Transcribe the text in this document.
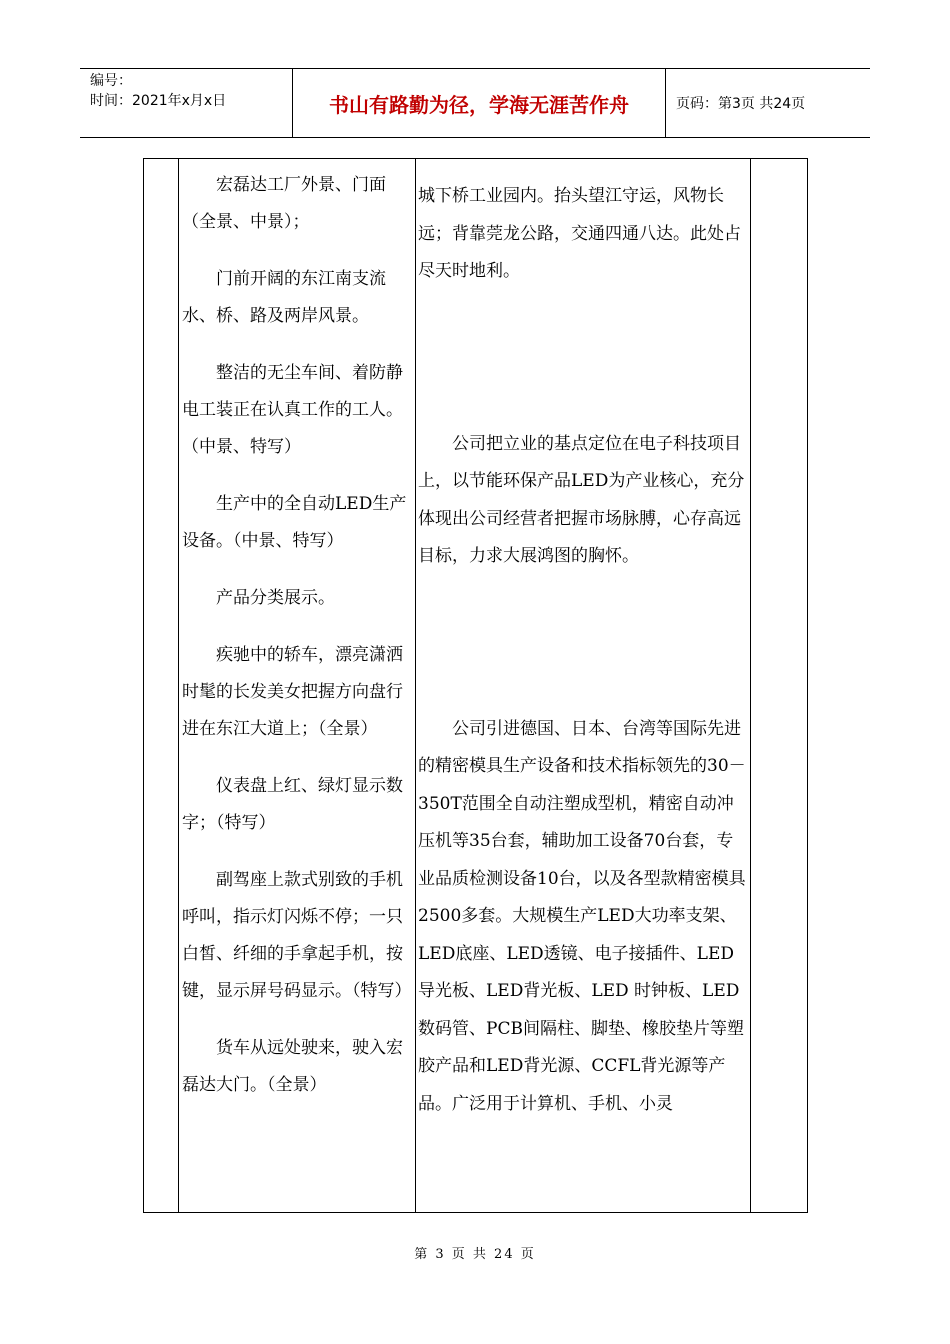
编号：
时间：2021年x月x日	书山有路勤为径，学海无涯苦作舟	页码：第3页 共24页

宏磊达工厂外景、门面（全景、中景）；

门前开阔的东江南支流水、桥、路及两岸风景。

整洁的无尘车间、着防静电工装正在认真工作的工人。（中景、特写）

生产中的全自动LED生产设备。（中景、特写）

产品分类展示。

疾驰中的轿车，漂亮潇洒时髦的长发美女把握方向盘行进在东江大道上；（全景）

仪表盘上红、绿灯显示数字；（特写）

副驾座上款式别致的手机呼叫，指示灯闪烁不停；一只白皙、纤细的手拿起手机，按键，显示屏号码显示。（特写）

货车从远处驶来，驶入宏磊达大门。（全景）

城下桥工业园内。抬头望江守运，风物长远；背靠莞龙公路，交通四通八达。此处占尽天时地利。

公司把立业的基点定位在电子科技项目上，以节能环保产品LED为产业核心，充分体现出公司经营者把握市场脉膊，心存高远目标，力求大展鸿图的胸怀。

公司引进德国、日本、台湾等国际先进的精密模具生产设备和技术指标领先的30－350T范围全自动注塑成型机，精密自动冲压机等35台套，辅助加工设备70台套，专业品质检测设备10台，以及各型款精密模具2500多套。大规模生产LED大功率支架、LED底座、LED透镜、电子接插件、LED导光板、LED背光板、LED 时钟板、LED数码管、PCB间隔柱、脚垫、橡胶垫片等塑胶产品和LED背光源、CCFL背光源等产品。广泛用于计算机、手机、小灵

第 3 页 共 24 页
